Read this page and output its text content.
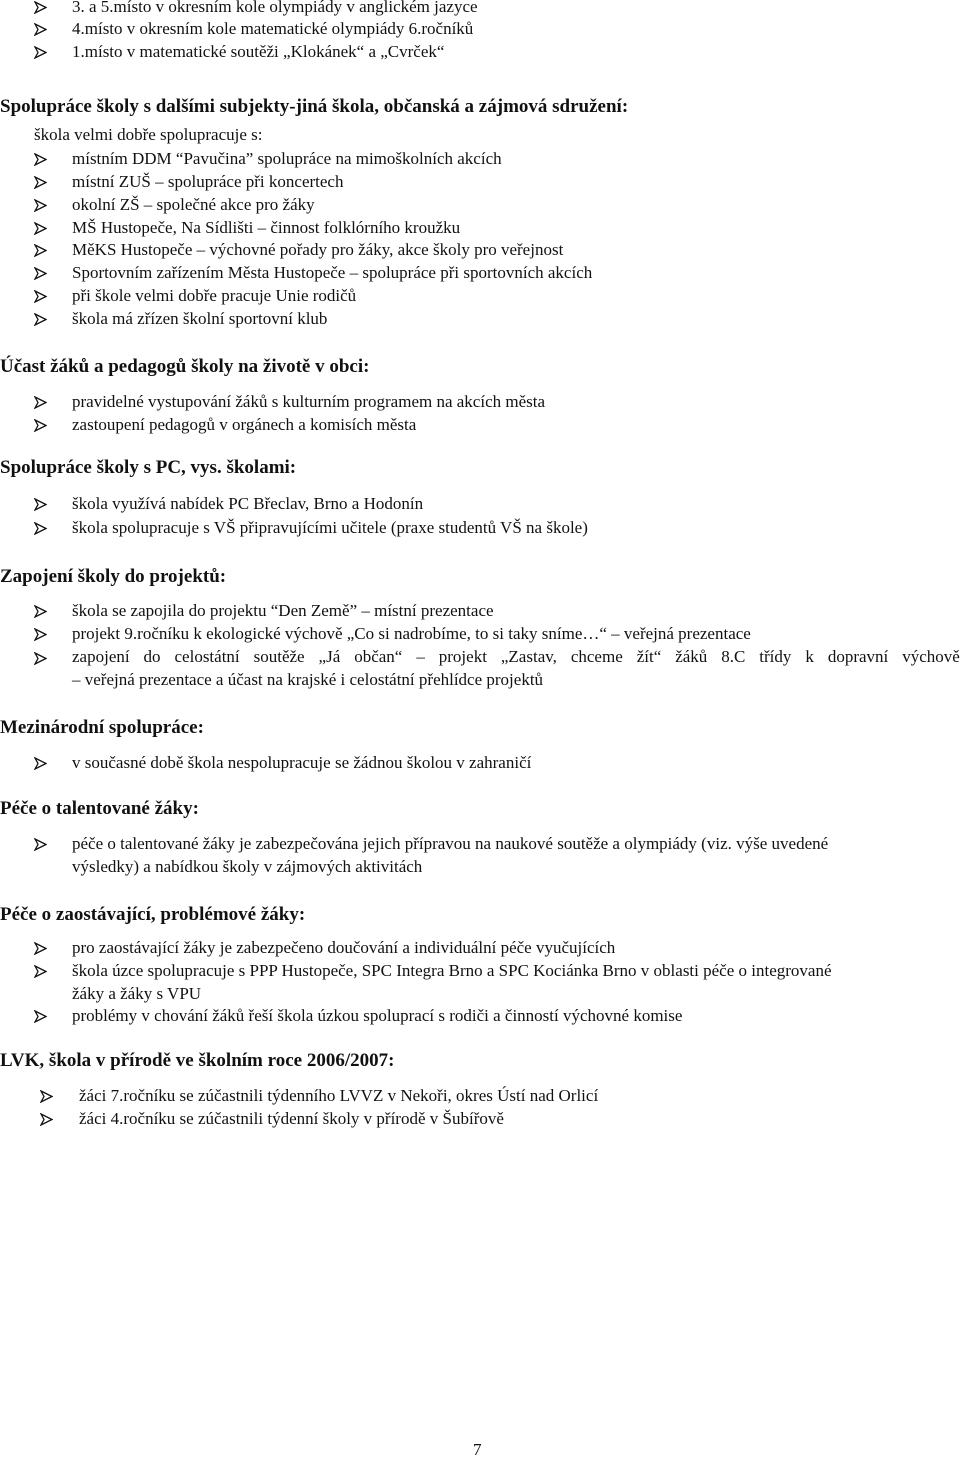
3. a 5.místo v okresním kole olympiády v anglickém jazyce
4.místo v okresním kole matematické olympiády 6.ročníků
1.místo v matematické soutěži „Klokánek“ a „Cvrček“
Spolupráce školy s dalšími subjekty-jiná škola, občanská a zájmová sdružení:
škola velmi dobře spolupracuje s:
místním DDM “Pavučina” spolupráce na mimoškolních akcích
místní ZUŠ – spolupráce při koncertech
okolní ZŠ – společné akce pro žáky
MŠ Hustopeče, Na Sídlišti – činnost folklórního kroužku
MěKS Hustopeče – výchovné pořady pro žáky, akce školy pro veřejnost
Sportovním zařízením Města Hustopeče – spolupráce při sportovních akcích
při škole velmi dobře pracuje Unie rodičů
škola má zřízen školní sportovní klub
Účast žáků a pedagogů školy na životě v obci:
pravidelné vystupování žáků s kulturním programem na akcích města
zastoupení pedagogů v orgánech a komisích města
Spolupráce školy s PC, vys. školami:
škola využívá nabídek PC Břeclav, Brno a Hodonín
škola spolupracuje s VŠ připravujícími učitele (praxe studentů VŠ na škole)
Zapojení školy do projektů:
škola se zapojila do projektu “Den Země” – místní prezentace
projekt 9.ročníku k ekologické výchově „Co si nadrobíme, to si taky sníme…“ – veřejná prezentace
zapojení do celostátní soutěže „Já občan“ – projekt „Zastav, chceme žít“ žáků 8.C třídy k dopravní výchově
– veřejná prezentace a účast na krajské i celostátní přehlídce projektů
Mezinárodní spolupráce:
v současné době škola nespolupracuje se žádnou školou v zahraničí
Péče o talentované žáky:
péče o talentované žáky je zabezpečována jejich přípravou na naukové soutěže a olympiády (viz. výše uvedené
výsledky) a nabídkou školy v zájmových aktivitách
Péče o zaostávající, problémové žáky:
pro zaostávající žáky je zabezpečeno doučování a individuální péče vyučujících
škola úzce spolupracuje s PPP Hustopeče, SPC Integra Brno a SPC Kociánka Brno v oblasti péče o integrované
žáky a žáky s VPU
problémy v chování žáků řeší škola úzkou spoluprací s rodiči a činností výchovné komise
LVK, škola v přírodě ve školním roce 2006/2007:
žáci 7.ročníku se zúčastnili týdenního LVVZ v Nekoři, okres Ústí nad Orlicí
žáci 4.ročníku se zúčastnili týdenní školy v přírodě v Šubířově
7
